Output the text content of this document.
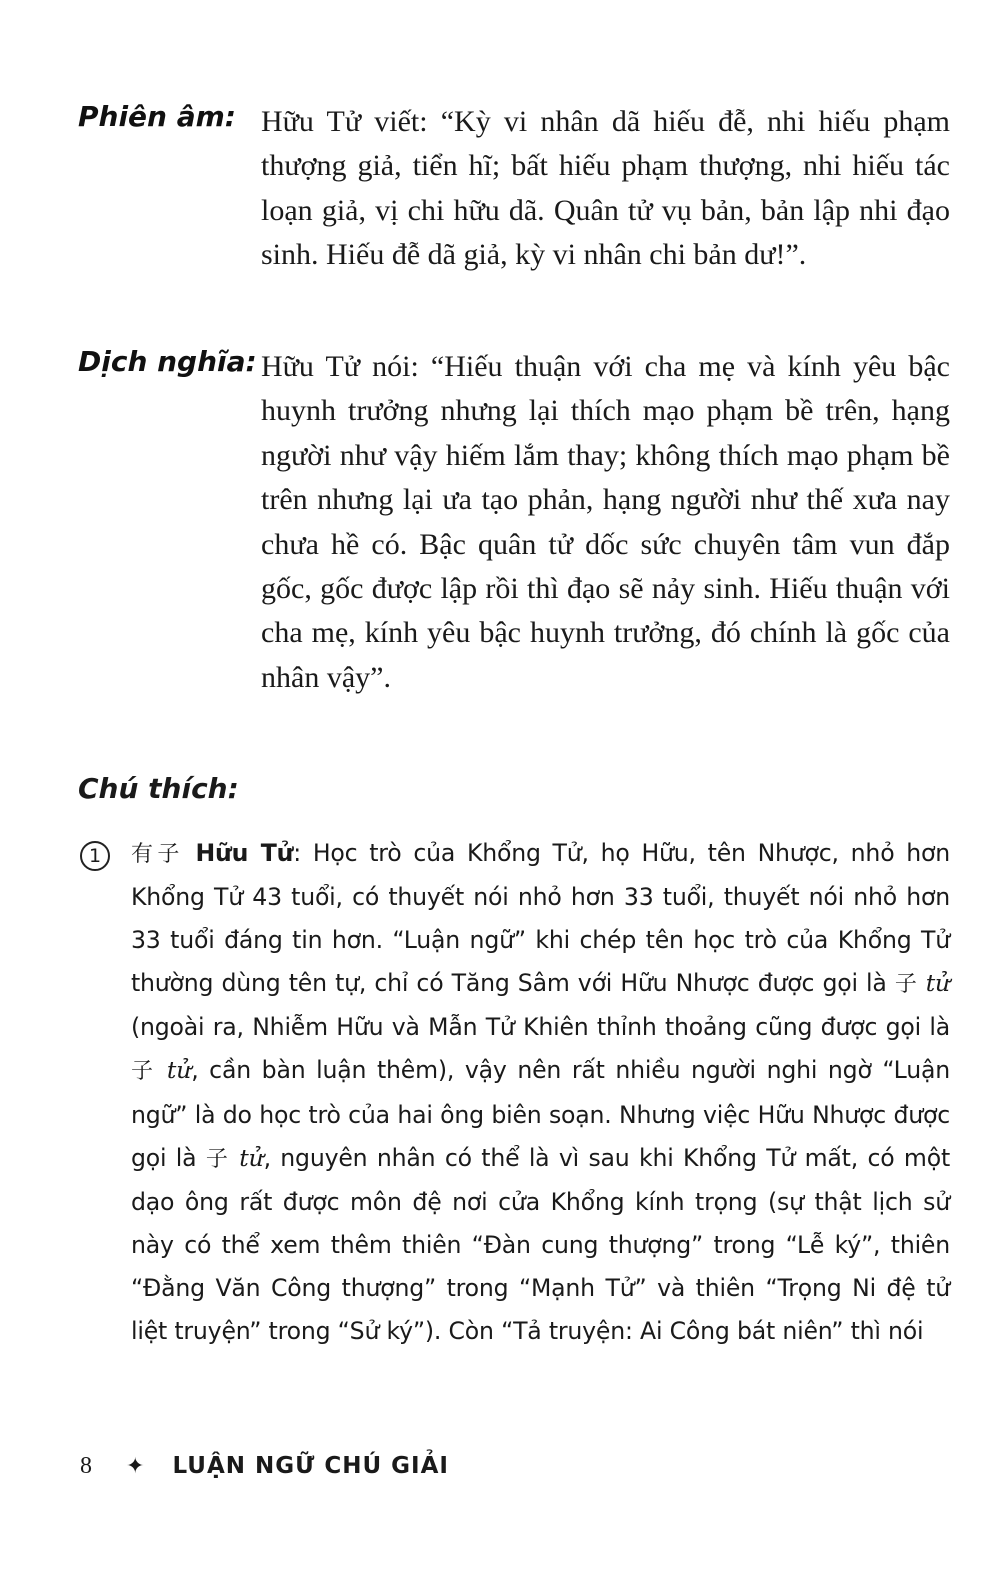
Phiên âm: Hữu Tử viết: “Kỳ vi nhân dã hiếu đễ, nhi hiếu phạm thượng giả, tiển hĩ; bất hiếu phạm thượng, nhi hiếu tác loạn giả, vị chi hữu dã. Quân tử vụ bản, bản lập nhi đạo sinh. Hiếu đễ dã giả, kỳ vi nhân chi bản dư!”.
Dịch nghĩa: Hữu Tử nói: “Hiếu thuận với cha mẹ và kính yêu bậc huynh trưởng nhưng lại thích mạo phạm bề trên, hạng người như vậy hiếm lắm thay; không thích mạo phạm bề trên nhưng lại ưa tạo phản, hạng người như thế xưa nay chưa hề có. Bậc quân tử dốc sức chuyên tâm vun đắp gốc, gốc được lập rồi thì đạo sẽ nảy sinh. Hiếu thuận với cha mẹ, kính yêu bậc huynh trưởng, đó chính là gốc của nhân vậy”.
Chú thích:
1	有子 Hữu Tử: Học trò của Khổng Tử, họ Hữu, tên Nhược, nhỏ hơn Khổng Tử 43 tuổi, có thuyết nói nhỏ hơn 33 tuổi, thuyết nói nhỏ hơn 33 tuổi đáng tin hơn. “Luận ngữ” khi chép tên học trò của Khổng Tử thường dùng tên tự, chỉ có Tăng Sâm với Hữu Nhược được gọi là 子 tử (ngoài ra, Nhiễm Hữu và Mẫn Tử Khiên thỉnh thoảng cũng được gọi là 子 tử, cần bàn luận thêm), vậy nên rất nhiều người nghi ngờ “Luận ngữ” là do học trò của hai ông biên soạn. Nhưng việc Hữu Nhược được gọi là 子 tử, nguyên nhân có thể là vì sau khi Khổng Tử mất, có một dạo ông rất được môn đệ nơi cửa Khổng kính trọng (sự thật lịch sử này có thể xem thêm thiên “Đàn cung thượng” trong “Lễ ký”, thiên “Đằng Văn Công thượng” trong “Mạnh Tử” và thiên “Trọng Ni đệ tử liệt truyện” trong “Sử ký”). Còn “Tả truyện: Ai Công bát niên” thì nói
8 ✦ LUẬN NGỮ CHÚ GIẢI
